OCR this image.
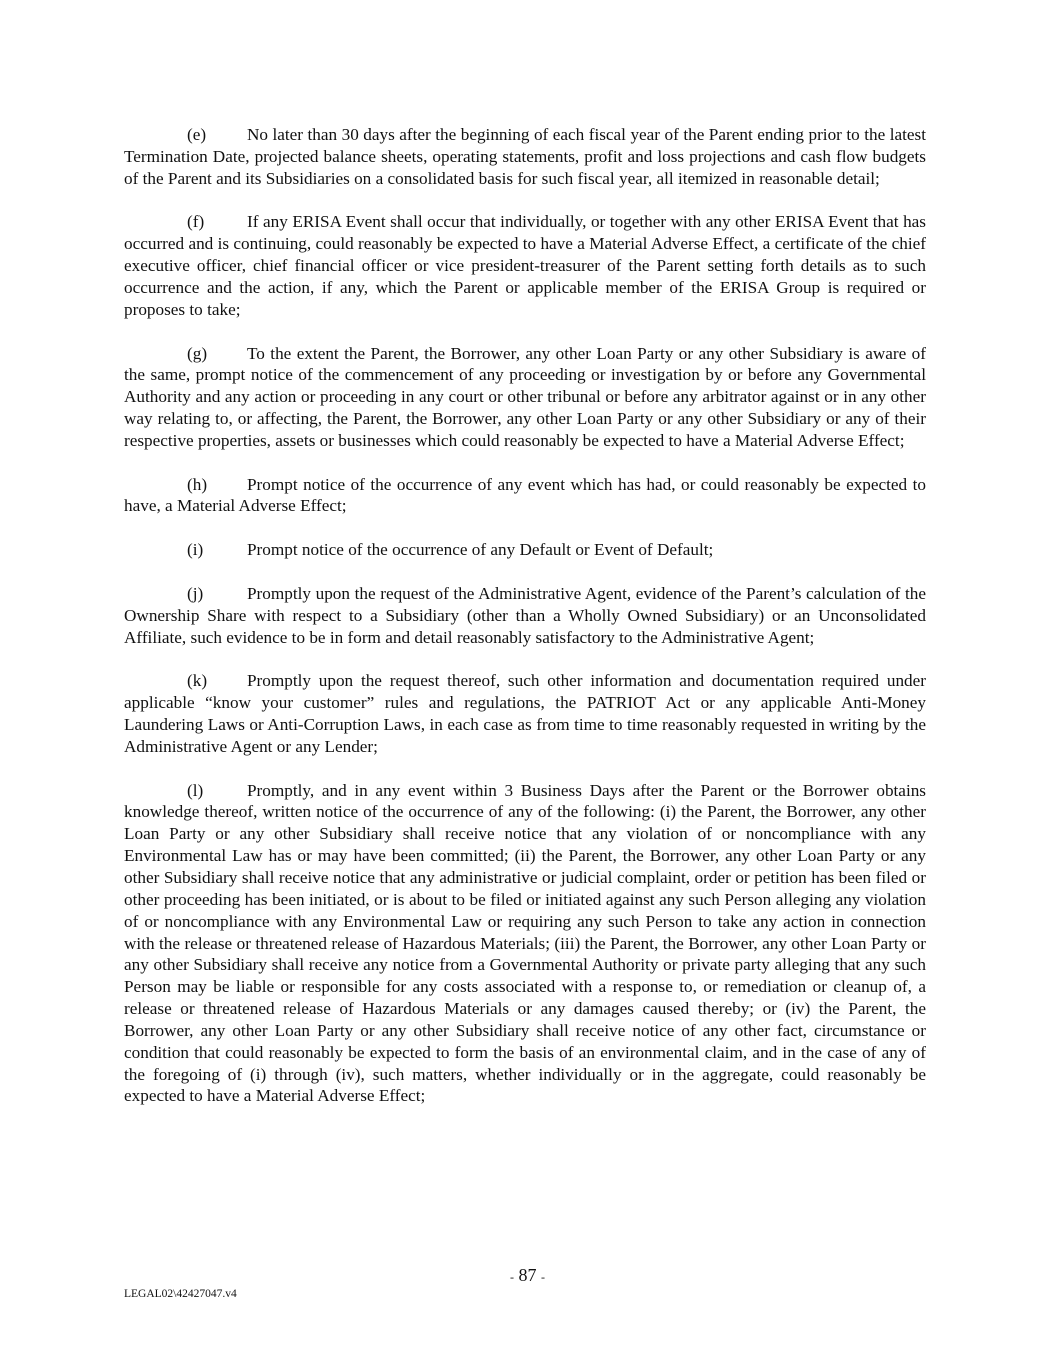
(e) No later than 30 days after the beginning of each fiscal year of the Parent ending prior to the latest Termination Date, projected balance sheets, operating statements, profit and loss projections and cash flow budgets of the Parent and its Subsidiaries on a consolidated basis for such fiscal year, all itemized in reasonable detail;

(f) If any ERISA Event shall occur that individually, or together with any other ERISA Event that has occurred and is continuing, could reasonably be expected to have a Material Adverse Effect, a certificate of the chief executive officer, chief financial officer or vice president-treasurer of the Parent setting forth details as to such occurrence and the action, if any, which the Parent or applicable member of the ERISA Group is required or proposes to take;

(g) To the extent the Parent, the Borrower, any other Loan Party or any other Subsidiary is aware of the same, prompt notice of the commencement of any proceeding or investigation by or before any Governmental Authority and any action or proceeding in any court or other tribunal or before any arbitrator against or in any other way relating to, or affecting, the Parent, the Borrower, any other Loan Party or any other Subsidiary or any of their respective properties, assets or businesses which could reasonably be expected to have a Material Adverse Effect;

(h) Prompt notice of the occurrence of any event which has had, or could reasonably be expected to have, a Material Adverse Effect;

(i)	Prompt notice of the occurrence of any Default or Event of Default;

(j)	Promptly upon the request of the Administrative Agent, evidence of the Parent’s calculation of the Ownership Share with respect to a Subsidiary (other than a Wholly Owned Subsidiary) or an Unconsolidated Affiliate, such evidence to be in form and detail reasonably satisfactory to the Administrative Agent;

(k) Promptly upon the request thereof, such other information and documentation required under applicable “know your customer” rules and regulations, the PATRIOT Act or any applicable Anti-Money Laundering Laws or Anti-Corruption Laws, in each case as from time to time reasonably requested in writing by the Administrative Agent or any Lender;

(l)	Promptly, and in any event within 3 Business Days after the Parent or the Borrower obtains knowledge thereof, written notice of the occurrence of any of the following: (i) the Parent, the Borrower, any other Loan Party or any other Subsidiary shall receive notice that any violation of or noncompliance with any Environmental Law has or may have been committed; (ii) the Parent, the Borrower, any other Loan Party or any other Subsidiary shall receive notice that any administrative or judicial complaint, order or petition has been filed or other proceeding has been initiated, or is about to be filed or initiated against any such Person alleging any violation of or noncompliance with any Environmental Law or requiring any such Person to take any action in connection with the release or threatened release of Hazardous Materials; (iii) the Parent, the Borrower, any other Loan Party or any other Subsidiary shall receive any notice from a Governmental Authority or private party alleging that any such Person may be liable or responsible for any costs associated with a response to, or remediation or cleanup of, a release or threatened release of Hazardous Materials or any damages caused thereby; or (iv) the Parent, the Borrower, any other Loan Party or any other Subsidiary shall receive notice of any other fact, circumstance or condition that could reasonably be expected to form the basis of an environmental claim, and in the case of any of the foregoing of (i) through (iv), such matters, whether individually or in the aggregate, could reasonably be expected to have a Material Adverse Effect;

- 87 -
LEGAL02\42427047.v4
